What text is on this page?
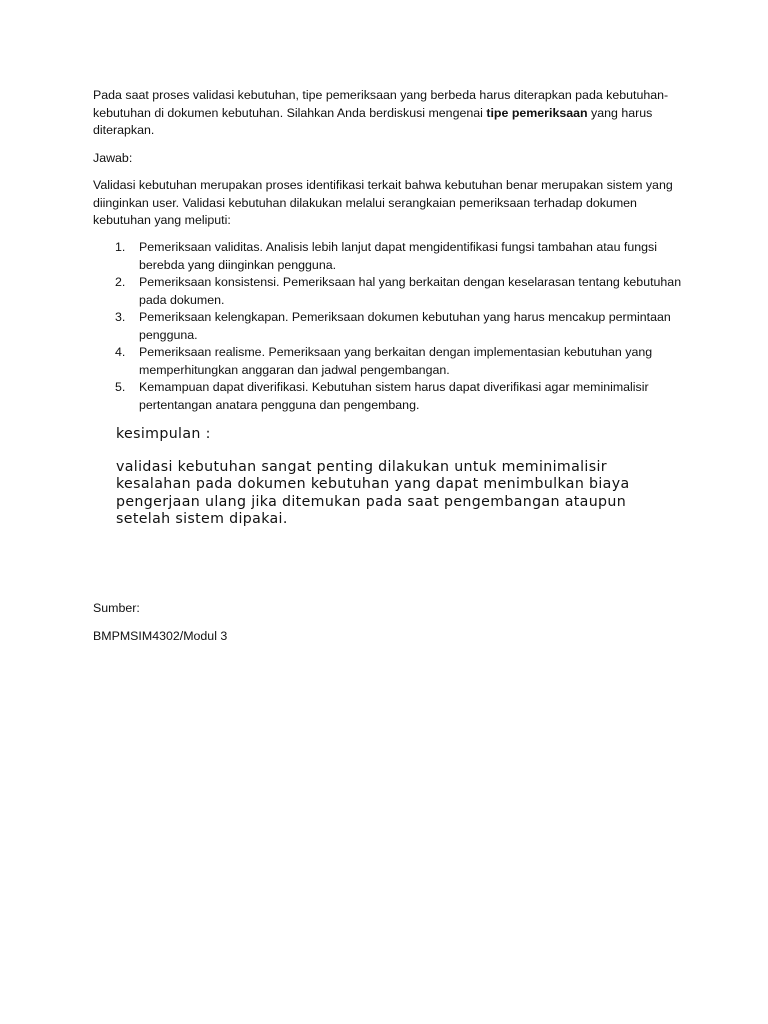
Pada saat proses validasi kebutuhan, tipe pemeriksaan yang berbeda harus diterapkan pada kebutuhan-kebutuhan di dokumen kebutuhan. Silahkan Anda berdiskusi mengenai tipe pemeriksaan yang harus diterapkan.

Jawab:

Validasi kebutuhan merupakan proses identifikasi terkait bahwa kebutuhan benar merupakan sistem yang diinginkan user. Validasi kebutuhan dilakukan melalui serangkaian pemeriksaan terhadap dokumen kebutuhan yang meliputi:

1. Pemeriksaan validitas. Analisis lebih lanjut dapat mengidentifikasi fungsi tambahan atau fungsi berebda yang diinginkan pengguna.
2. Pemeriksaan konsistensi. Pemeriksaan hal yang berkaitan dengan keselarasan tentang kebutuhan pada dokumen.
3. Pemeriksaan kelengkapan. Pemeriksaan dokumen kebutuhan yang harus mencakup permintaan pengguna.
4. Pemeriksaan realisme. Pemeriksaan yang berkaitan dengan implementasian kebutuhan yang memperhitungkan anggaran dan jadwal pengembangan.
5. Kemampuan dapat diverifikasi. Kebutuhan sistem harus dapat diverifikasi agar meminimalisir pertentangan anatara pengguna dan pengembang.

kesimpulan :

validasi kebutuhan sangat penting dilakukan untuk meminimalisir kesalahan pada dokumen kebutuhan yang dapat menimbulkan biaya pengerjaan ulang jika ditemukan pada saat pengembangan ataupun setelah sistem dipakai.

Sumber:

BMPMSIM4302/Modul 3
